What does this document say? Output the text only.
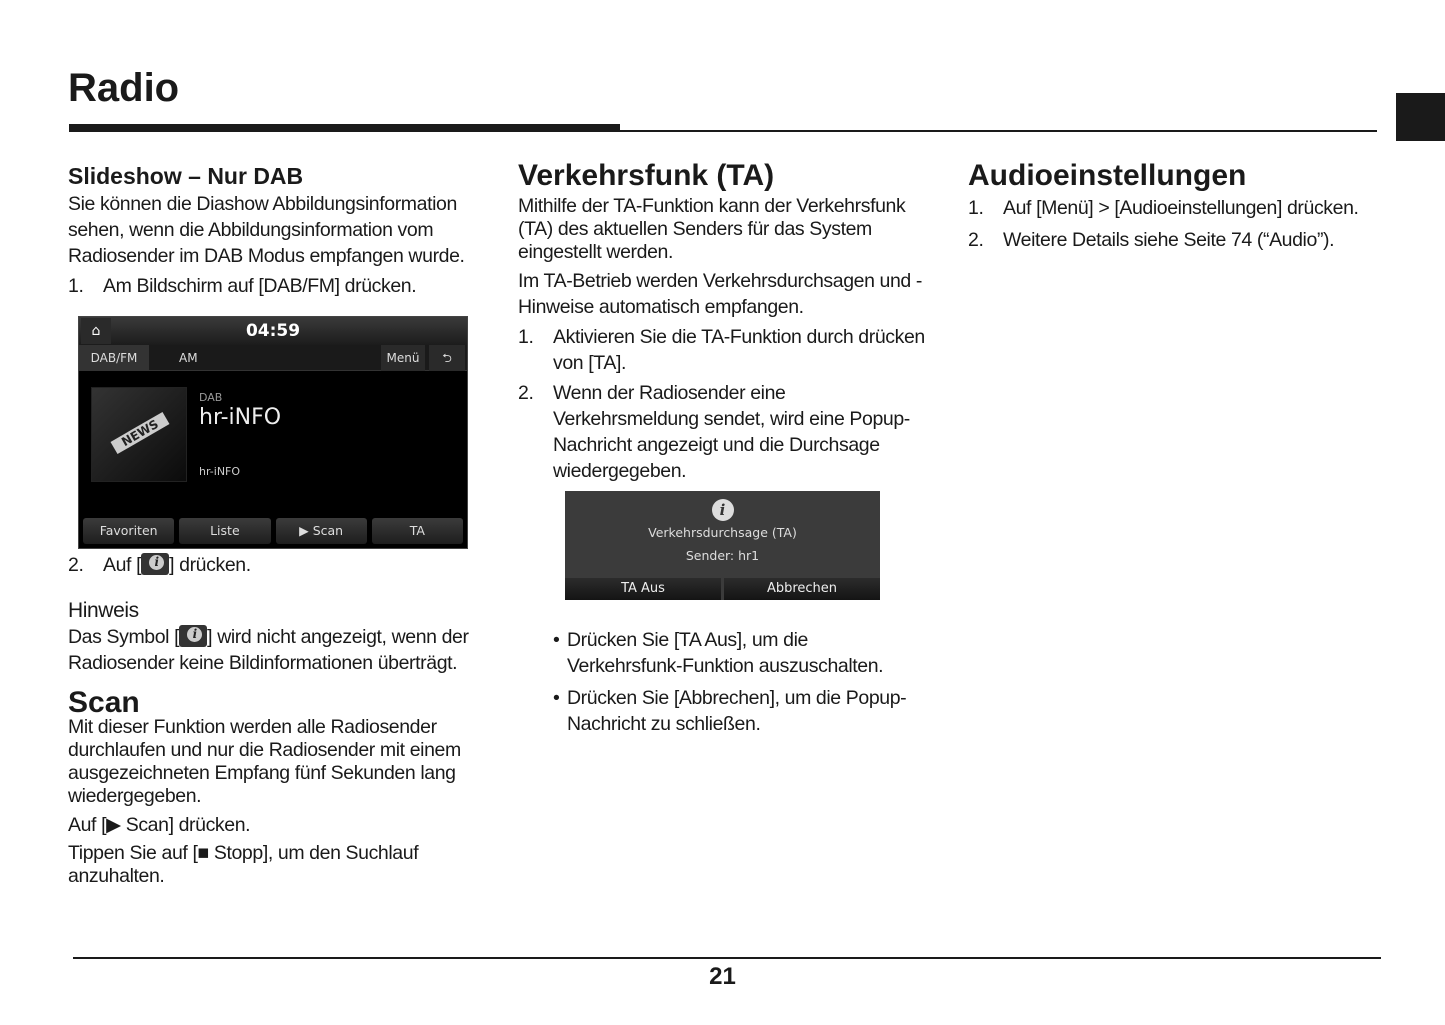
Radio
Slideshow – Nur DAB

Sie können die Diashow Abbildungsinformation sehen, wenn die Abbildungsinformation vom Radiosender im DAB Modus empfangen wurde.

1.	Am Bildschirm auf [DAB/FM] drücken.
⌂	04:59
DAB/FM	AM	Menü	⮌
NEWS
DAB
hr-iNFO
hr-iNFO
Favoriten	Liste	▶ Scan	TA
2.	Auf [ i ] drücken.
Hinweis

Das Symbol [ i ] wird nicht angezeigt, wenn der Radiosender keine Bildinformationen überträgt.

Scan

Mit dieser Funktion werden alle Radiosender durchlaufen und nur die Radiosender mit einem ausgezeichneten Empfang fünf Sekunden lang wiedergegeben.

Auf [▶ Scan] drücken.

Tippen Sie auf [■ Stopp], um den Suchlauf anzuhalten.

Verkehrsfunk (TA)

Mithilfe der TA-Funktion kann der Verkehrsfunk (TA) des aktuellen Senders für das System eingestellt werden.

Im TA-Betrieb werden Verkehrsdurchsagen und -Hinweise automatisch empfangen.

1.	Aktivieren Sie die TA-Funktion durch drücken von [TA].
2.	Wenn der Radiosender eine Verkehrsmeldung sendet, wird eine Popup-Nachricht angezeigt und die Durchsage wiedergegeben.
i
Verkehrsdurchsage (TA)
Sender: hr1
TA Aus	Abbrechen
• Drücken Sie [TA Aus], um die Verkehrsfunk-Funktion auszuschalten.
• Drücken Sie [Abbrechen], um die Popup-Nachricht zu schließen.
Audioeinstellungen
1.	Auf [Menü] > [Audioeinstellungen] drücken.
2.	Weitere Details siehe Seite 74 (“Audio”).
21
